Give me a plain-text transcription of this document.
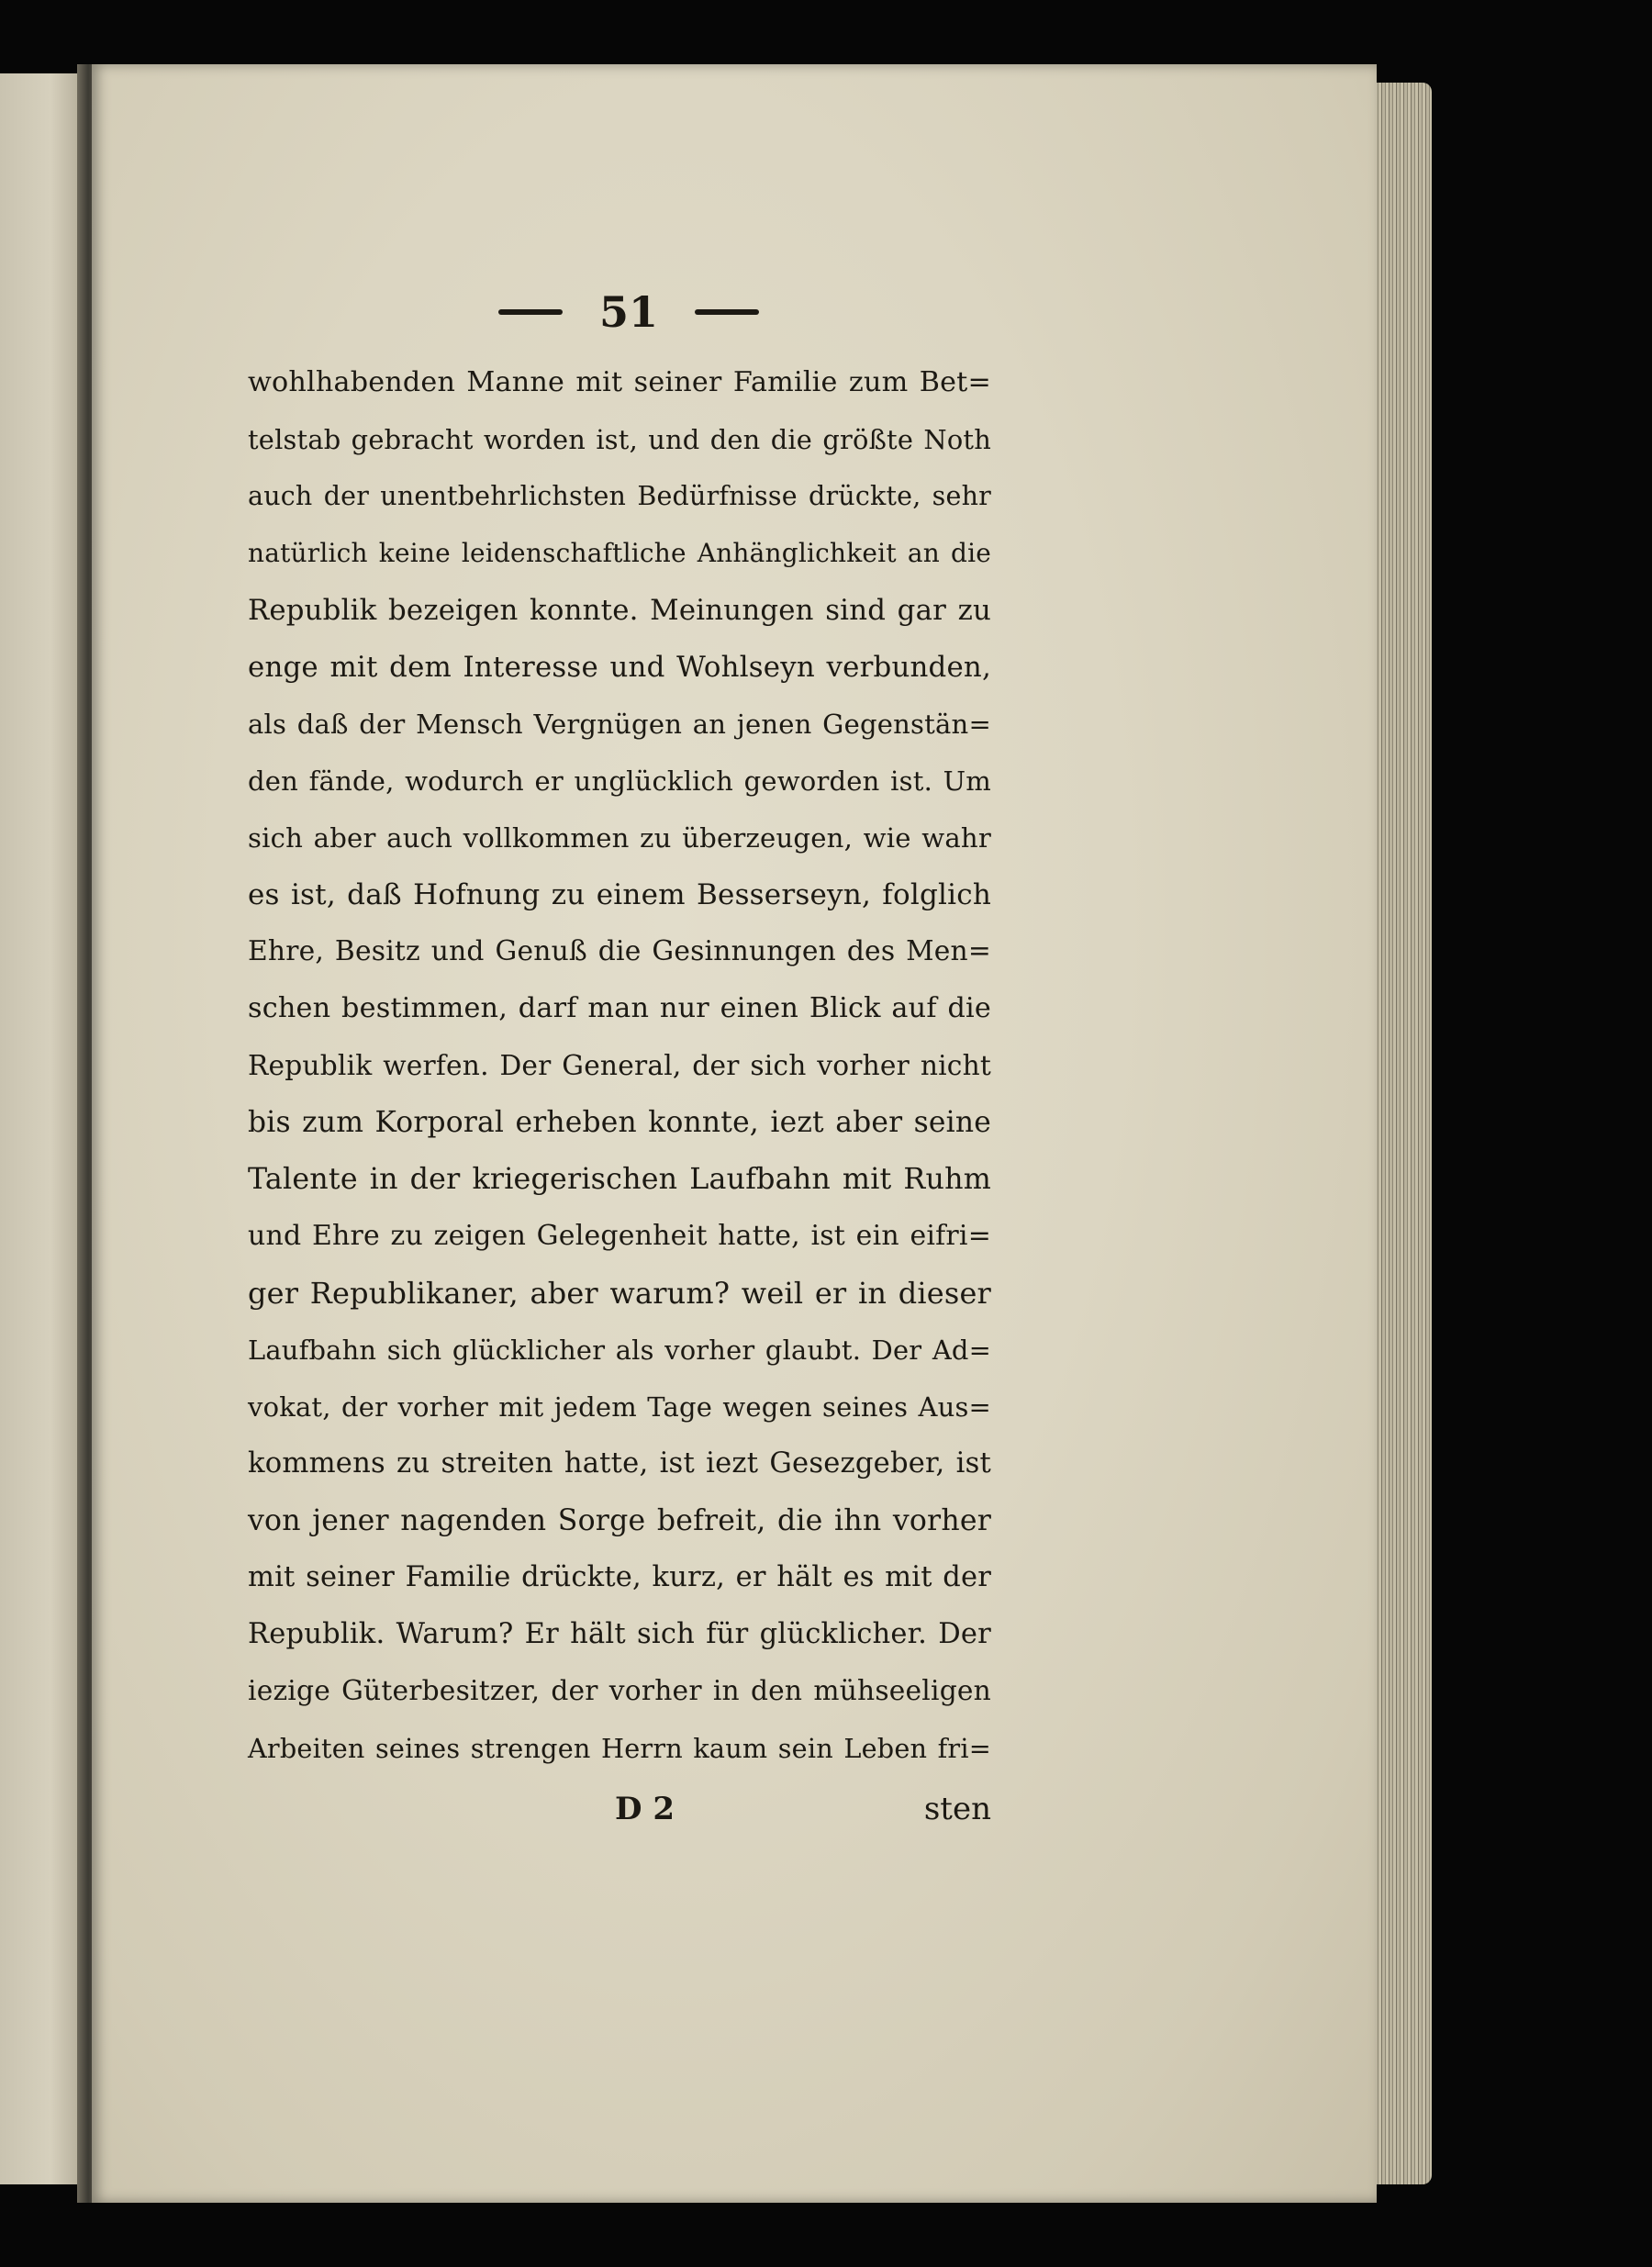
51
wohlhabenden Manne mit seiner Familie zum Bet=
telstab gebracht worden ist, und den die größte Noth
auch der unentbehrlichsten Bedürfnisse drückte, sehr
natürlich keine leidenschaftliche Anhänglichkeit an die
Republik bezeigen konnte. Meinungen sind gar zu
enge mit dem Interesse und Wohlseyn verbunden,
als daß der Mensch Vergnügen an jenen Gegenstän=
den fände, wodurch er unglücklich geworden ist. Um
sich aber auch vollkommen zu überzeugen, wie wahr
es ist, daß Hofnung zu einem Besserseyn, folglich
Ehre, Besitz und Genuß die Gesinnungen des Men=
schen bestimmen, darf man nur einen Blick auf die
Republik werfen. Der General, der sich vorher nicht
bis zum Korporal erheben konnte, iezt aber seine
Talente in der kriegerischen Laufbahn mit Ruhm
und Ehre zu zeigen Gelegenheit hatte, ist ein eifri=
ger Republikaner, aber warum? weil er in dieser
Laufbahn sich glücklicher als vorher glaubt. Der Ad=
vokat, der vorher mit jedem Tage wegen seines Aus=
kommens zu streiten hatte, ist iezt Gesezgeber, ist
von jener nagenden Sorge befreit, die ihn vorher
mit seiner Familie drückte, kurz, er hält es mit der
Republik. Warum? Er hält sich für glücklicher. Der
iezige Güterbesitzer, der vorher in den mühseeligen
Arbeiten seines strengen Herrn kaum sein Leben fri=
D 2	sten
